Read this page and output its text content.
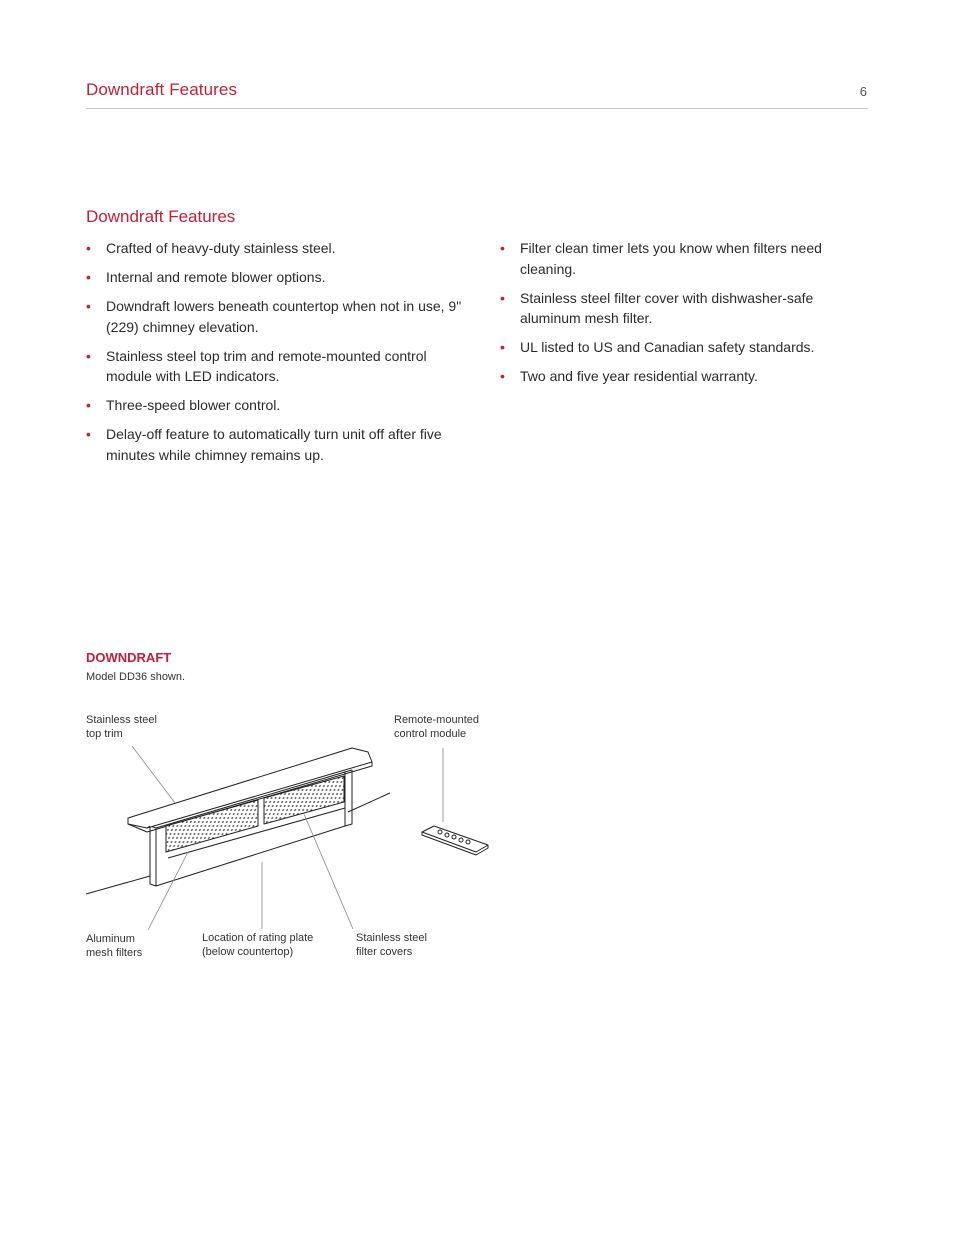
Downdraft Features	6
Downdraft Features
• Crafted of heavy-duty stainless steel.
• Internal and remote blower options.
• Downdraft lowers beneath countertop when not in use, 9" (229) chimney elevation.
• Stainless steel top trim and remote-mounted control module with LED indicators.
• Three-speed blower control.
• Delay-off feature to automatically turn unit off after five minutes while chimney remains up.
• Filter clean timer lets you know when filters need cleaning.
• Stainless steel filter cover with dishwasher-safe aluminum mesh filter.
• UL listed to US and Canadian safety standards.
• Two and five year residential warranty.
DOWNDRAFT
Model DD36 shown.
Stainless steel
top trim
Remote-mounted
control module
Aluminum
mesh filters
Location of rating plate
(below countertop)
Stainless steel
filter covers
